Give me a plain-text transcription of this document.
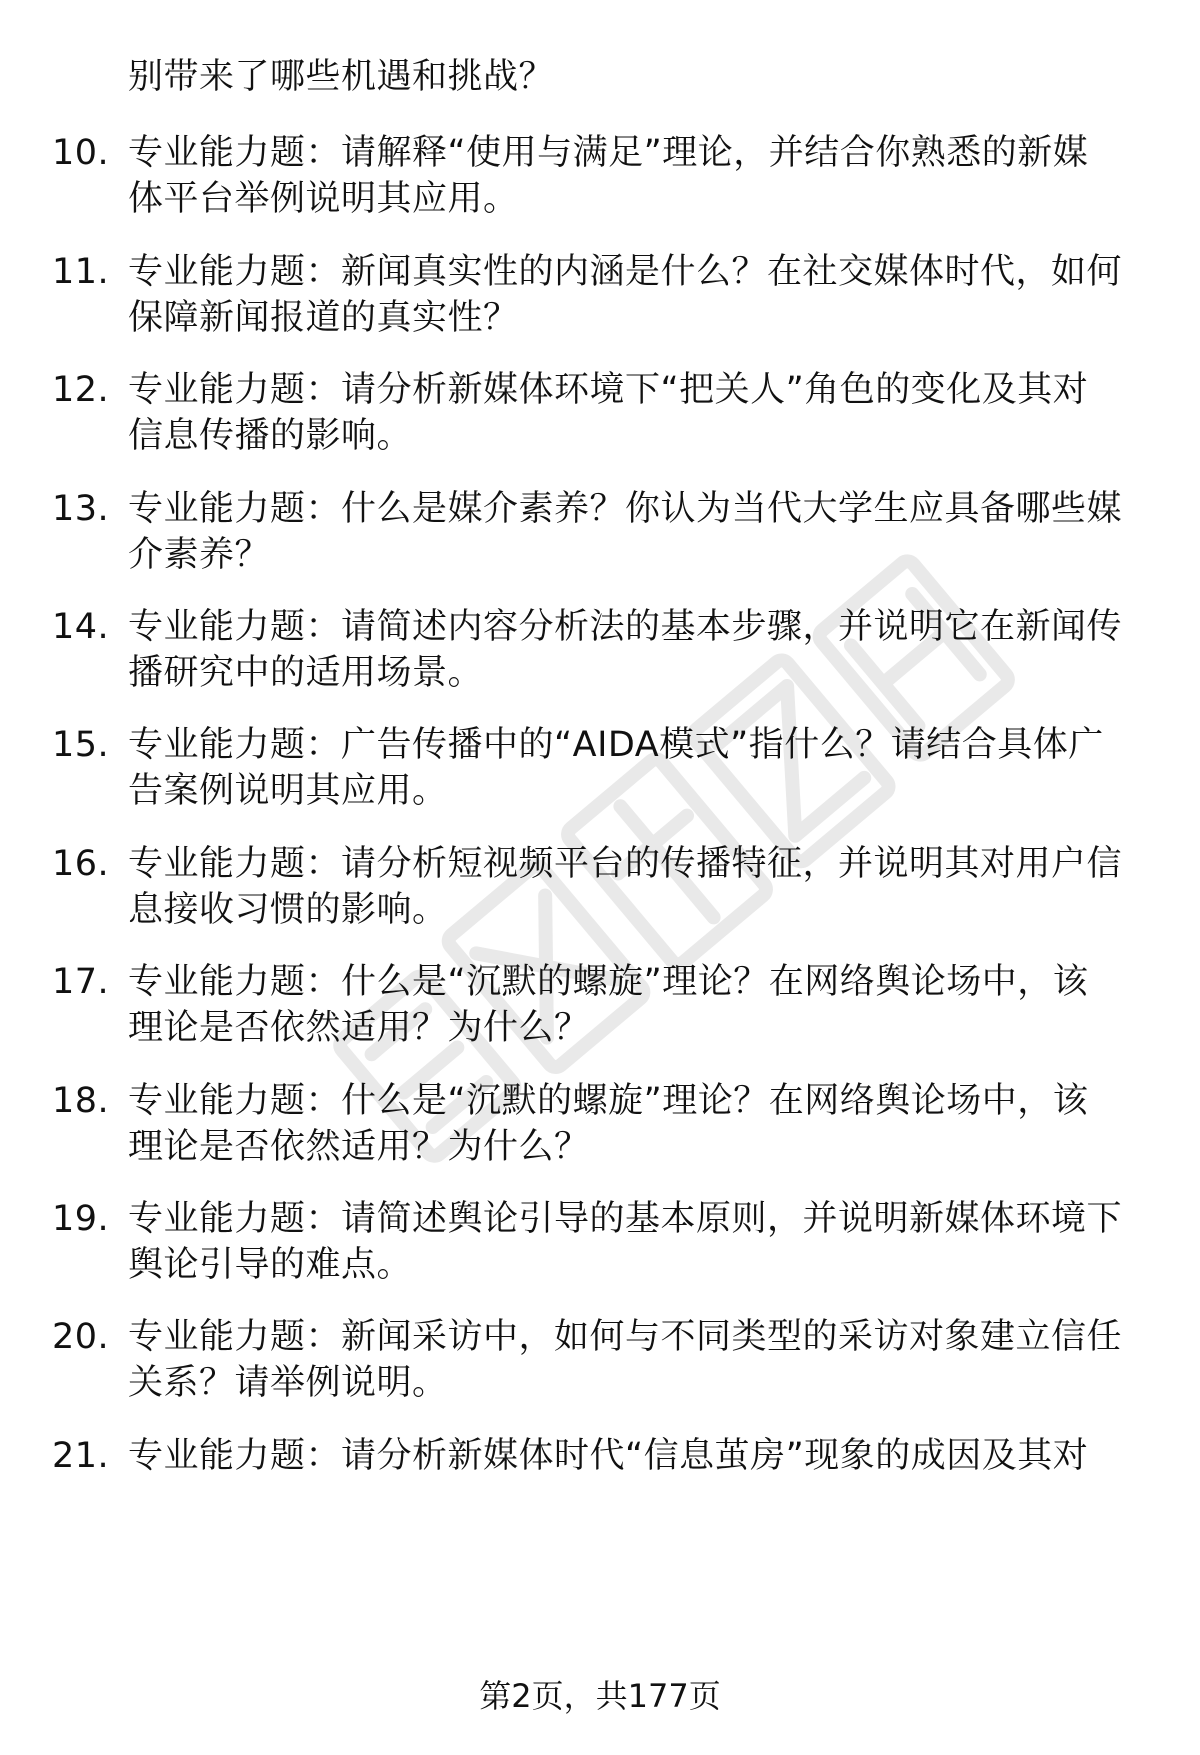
别带来了哪些机遇和挑战？
10. 专业能力题：请解释“使用与满足”理论，并结合你熟悉的新媒
体平台举例说明其应用。
11. 专业能力题：新闻真实性的内涵是什么？在社交媒体时代，如何
保障新闻报道的真实性？
12. 专业能力题：请分析新媒体环境下“把关人”角色的变化及其对
信息传播的影响。
13. 专业能力题：什么是媒介素养？你认为当代大学生应具备哪些媒
介素养？
14. 专业能力题：请简述内容分析法的基本步骤，并说明它在新闻传
播研究中的适用场景。
15. 专业能力题：广告传播中的“AIDA模式”指什么？请结合具体广
告案例说明其应用。
16. 专业能力题：请分析短视频平台的传播特征，并说明其对用户信
息接收习惯的影响。
17. 专业能力题：什么是“沉默的螺旋”理论？在网络舆论场中，该
理论是否依然适用？为什么？
18. 专业能力题：什么是“沉默的螺旋”理论？在网络舆论场中，该
理论是否依然适用？为什么？
19. 专业能力题：请简述舆论引导的基本原则，并说明新媒体环境下
舆论引导的难点。
20. 专业能力题：新闻采访中，如何与不同类型的采访对象建立信任
关系？请举例说明。
21. 专业能力题：请分析新媒体时代“信息茧房”现象的成因及其对
第2页，共177页
